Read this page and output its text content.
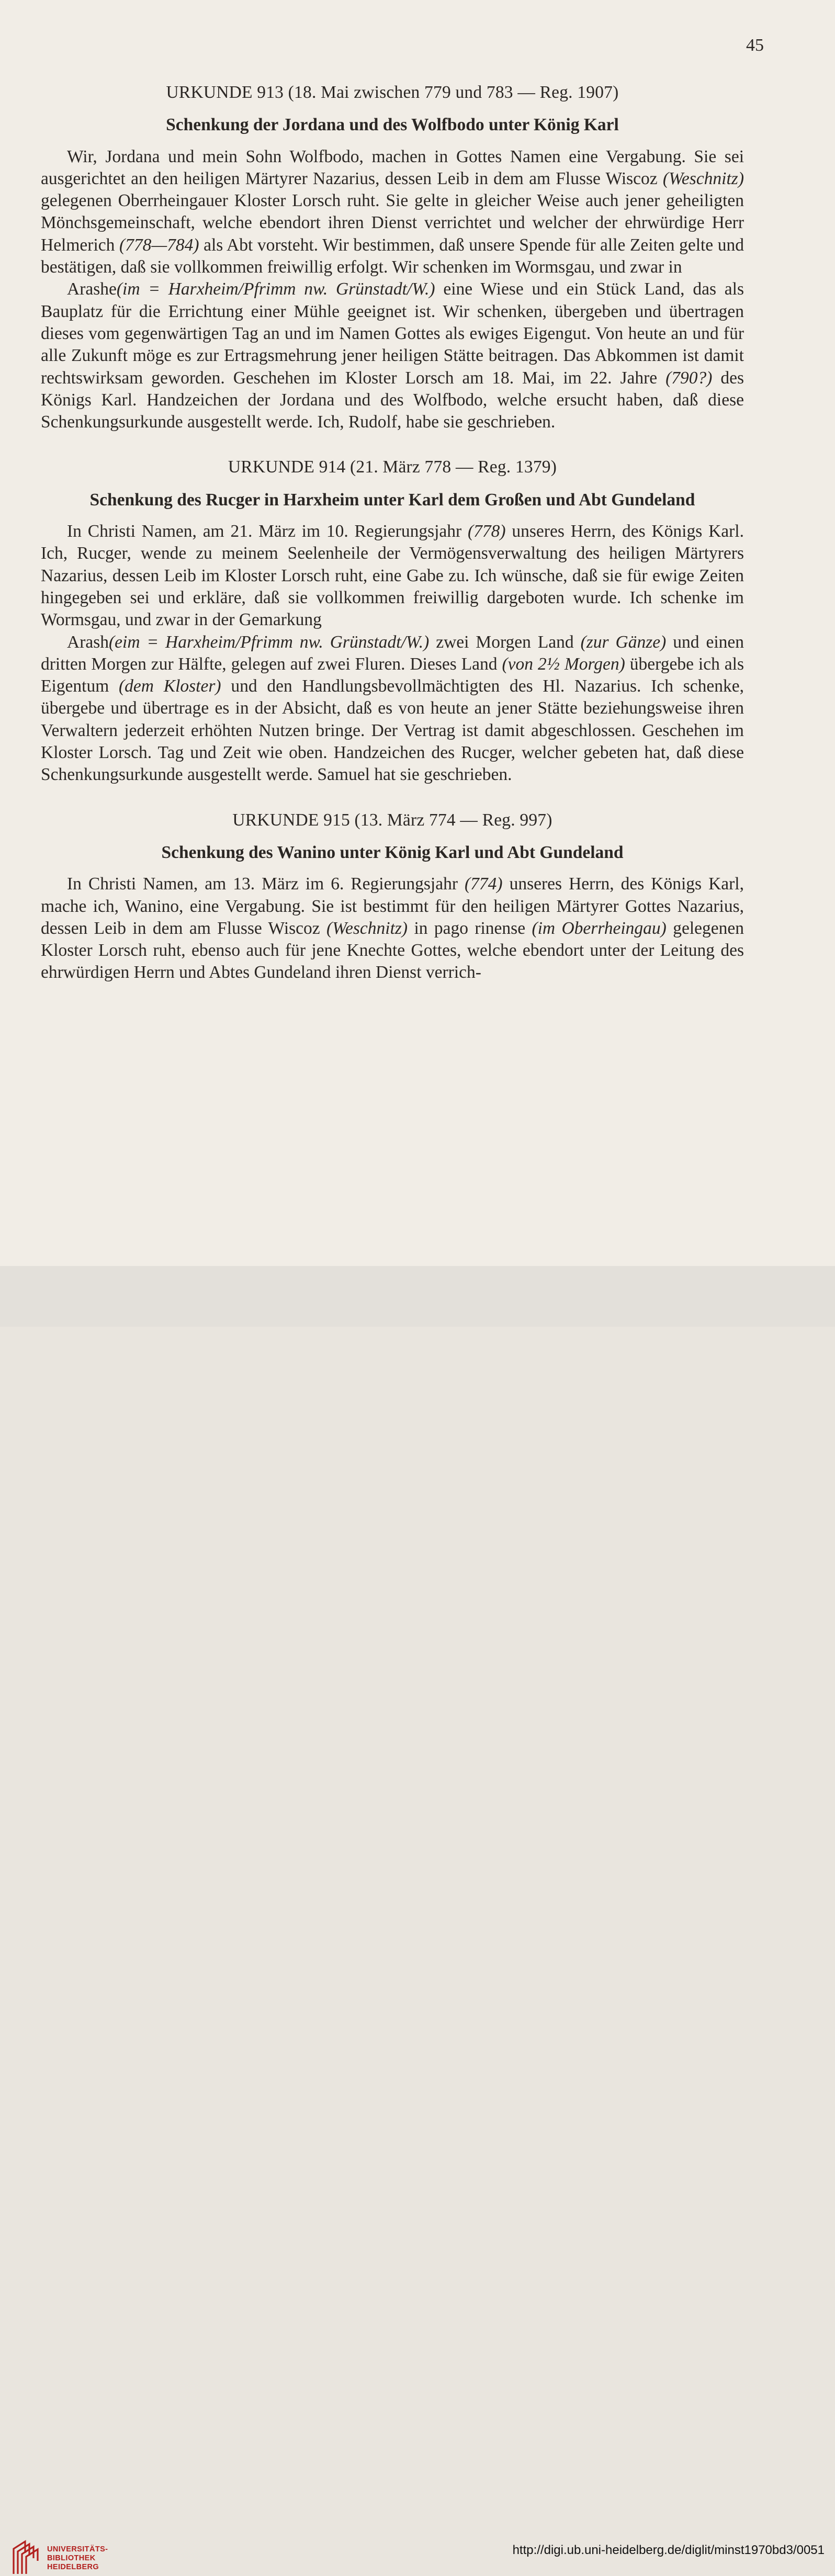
45
URKUNDE 913 (18. Mai zwischen 779 und 783 — Reg. 1907)
Schenkung der Jordana und des Wolfbodo unter König Karl

Wir, Jordana und mein Sohn Wolfbodo, machen in Gottes Namen eine Vergabung. Sie sei ausgerichtet an den heiligen Märtyrer Nazarius, dessen Leib in dem am Flusse Wiscoz (Weschnitz) gelegenen Oberrheingauer Kloster Lorsch ruht. Sie gelte in gleicher Weise auch jener geheiligten Mönchsgemeinschaft, welche ebendort ihren Dienst verrichtet und welcher der ehrwürdige Herr Helmerich (778—784) als Abt vorsteht. Wir bestimmen, daß unsere Spende für alle Zeiten gelte und bestätigen, daß sie vollkommen freiwillig erfolgt. Wir schenken im Wormsgau, und zwar in

Arashe(im = Harxheim/Pfrimm nw. Grünstadt/W.) eine Wiese und ein Stück Land, das als Bauplatz für die Errichtung einer Mühle geeignet ist. Wir schenken, übergeben und übertragen dieses vom gegenwärtigen Tag an und im Namen Gottes als ewiges Eigengut. Von heute an und für alle Zukunft möge es zur Ertragsmehrung jener heiligen Stätte beitragen. Das Abkommen ist damit rechtswirksam geworden. Geschehen im Kloster Lorsch am 18. Mai, im 22. Jahre (790?) des Königs Karl. Handzeichen der Jordana und des Wolfbodo, welche ersucht haben, daß diese Schenkungsurkunde ausgestellt werde. Ich, Rudolf, habe sie geschrieben.

URKUNDE 914 (21. März 778 — Reg. 1379)
Schenkung des Rucger in Harxheim unter Karl dem Großen und Abt Gundeland

In Christi Namen, am 21. März im 10. Regierungsjahr (778) unseres Herrn, des Königs Karl. Ich, Rucger, wende zu meinem Seelenheile der Vermögensverwaltung des heiligen Märtyrers Nazarius, dessen Leib im Kloster Lorsch ruht, eine Gabe zu. Ich wünsche, daß sie für ewige Zeiten hingegeben sei und erkläre, daß sie vollkommen freiwillig dargeboten wurde. Ich schenke im Wormsgau, und zwar in der Gemarkung

Arash(eim = Harxheim/Pfrimm nw. Grünstadt/W.) zwei Morgen Land (zur Gänze) und einen dritten Morgen zur Hälfte, gelegen auf zwei Fluren. Dieses Land (von 2½ Morgen) übergebe ich als Eigentum (dem Kloster) und den Handlungsbevollmächtigten des Hl. Nazarius. Ich schenke, übergebe und übertrage es in der Absicht, daß es von heute an jener Stätte beziehungsweise ihren Verwaltern jederzeit erhöhten Nutzen bringe. Der Vertrag ist damit abgeschlossen. Geschehen im Kloster Lorsch. Tag und Zeit wie oben. Handzeichen des Rucger, welcher gebeten hat, daß diese Schenkungsurkunde ausgestellt werde. Samuel hat sie geschrieben.

URKUNDE 915 (13. März 774 — Reg. 997)
Schenkung des Wanino unter König Karl und Abt Gundeland

In Christi Namen, am 13. März im 6. Regierungsjahr (774) unseres Herrn, des Königs Karl, mache ich, Wanino, eine Vergabung. Sie ist bestimmt für den heiligen Märtyrer Gottes Nazarius, dessen Leib in dem am Flusse Wiscoz (Weschnitz) in pago rinense (im Oberrheingau) gelegenen Kloster Lorsch ruht, ebenso auch für jene Knechte Gottes, welche ebendort unter der Leitung des ehrwürdigen Herrn und Abtes Gundeland ihren Dienst verrich-

UNIVERSITÄTS-
BIBLIOTHEK
HEIDELBERG
http://digi.ub.uni-heidelberg.de/diglit/minst1970bd3/0051
